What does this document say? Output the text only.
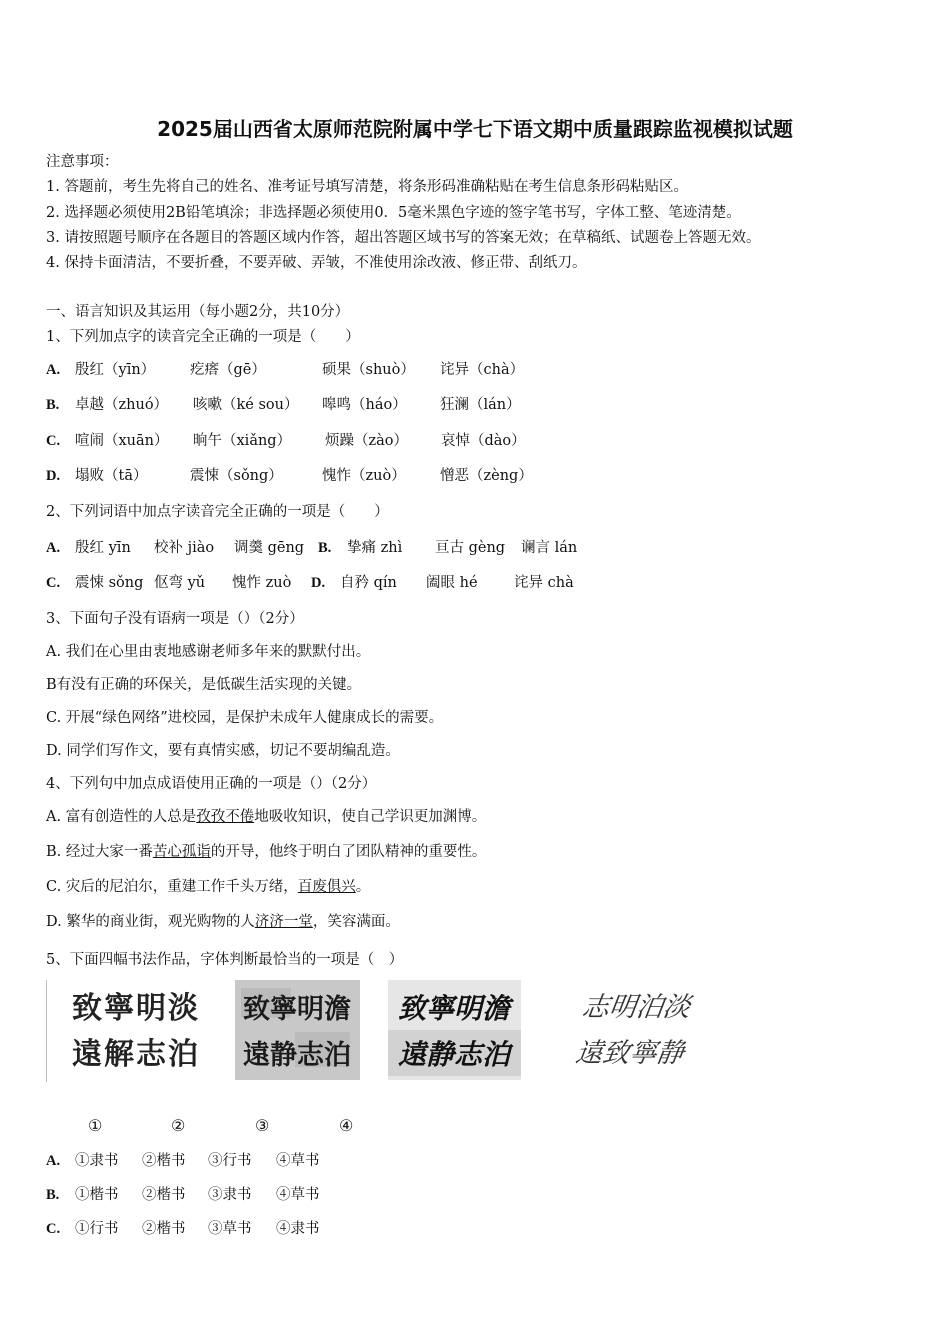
2025届山西省太原师范院附属中学七下语文期中质量跟踪监视模拟试题
注意事项：
1. 答题前，考生先将自己的姓名、准考证号填写清楚，将条形码准确粘贴在考生信息条形码粘贴区。
2. 选择题必须使用2B铅笔填涂；非选择题必须使用0．5毫米黑色字迹的签字笔书写，字体工整、笔迹清楚。
3. 请按照题号顺序在各题目的答题区域内作答，超出答题区域书写的答案无效；在草稿纸、试题卷上答题无效。
4. 保持卡面清洁，不要折叠，不要弄破、弄皱，不准使用涂改液、修正带、刮纸刀。
一、语言知识及其运用（每小题2分，共10分）
1、下列加点字的读音完全正确的一项是（　　）
A. 殷红（yīn） 疙瘩（gē）	硕果（shuò） 诧异（chà）
B. 卓越（zhuó） 咳嗽（ké sou） 嗥鸣（háo） 狂澜（lán）
C. 喧闹（xuān） 晌午（xiǎng） 烦躁（zào） 哀悼（dào）
D. 塌败（tā）	震悚（sǒng）	愧怍（zuò） 憎恶（zèng）
2、下列词语中加点字读音完全正确的一项是（　　）
A. 殷红 yīn 校补 jiào 调羹 gēng B. 挚痛 zhì 亘古 gèng 谰言 lán
C. 震悚 sǒng 伛弯 yǔ 愧怍 zuò D. 自矜 qín 阖眼 hé	诧异 chà
3、下面句子没有语病一项是（）（2分）
A. 我们在心里由衷地感谢老师多年来的默默付出。
B有没有正确的环保关，是低碳生活实现的关键。
C. 开展“绿色网络”进校园，是保护未成年人健康成长的需要。
D. 同学们写作文，要有真情实感，切记不要胡编乱造。
4、下列句中加点成语使用正确的一项是（）（2分）
A. 富有创造性的人总是孜孜不倦地吸收知识，使自己学识更加渊博。
B. 经过大家一番苦心孤诣的开导，他终于明白了团队精神的重要性。
C. 灾后的尼泊尔，重建工作千头万绪，百废俱兴。
D. 繁华的商业街，观光购物的人济济一堂，笑容满面。
5、下面四幅书法作品，字体判断最恰当的一项是（　）
致寧明淡
遠解志泊
致寧明澹
遠静志泊
致寧明澹
遠静志泊
志明泊淡
遠致寧静
①	②	③	④
A. ①隶书 ②楷书 ③行书 ④草书
B. ①楷书 ②楷书 ③隶书 ④草书
C. ①行书 ②楷书 ③草书 ④隶书
